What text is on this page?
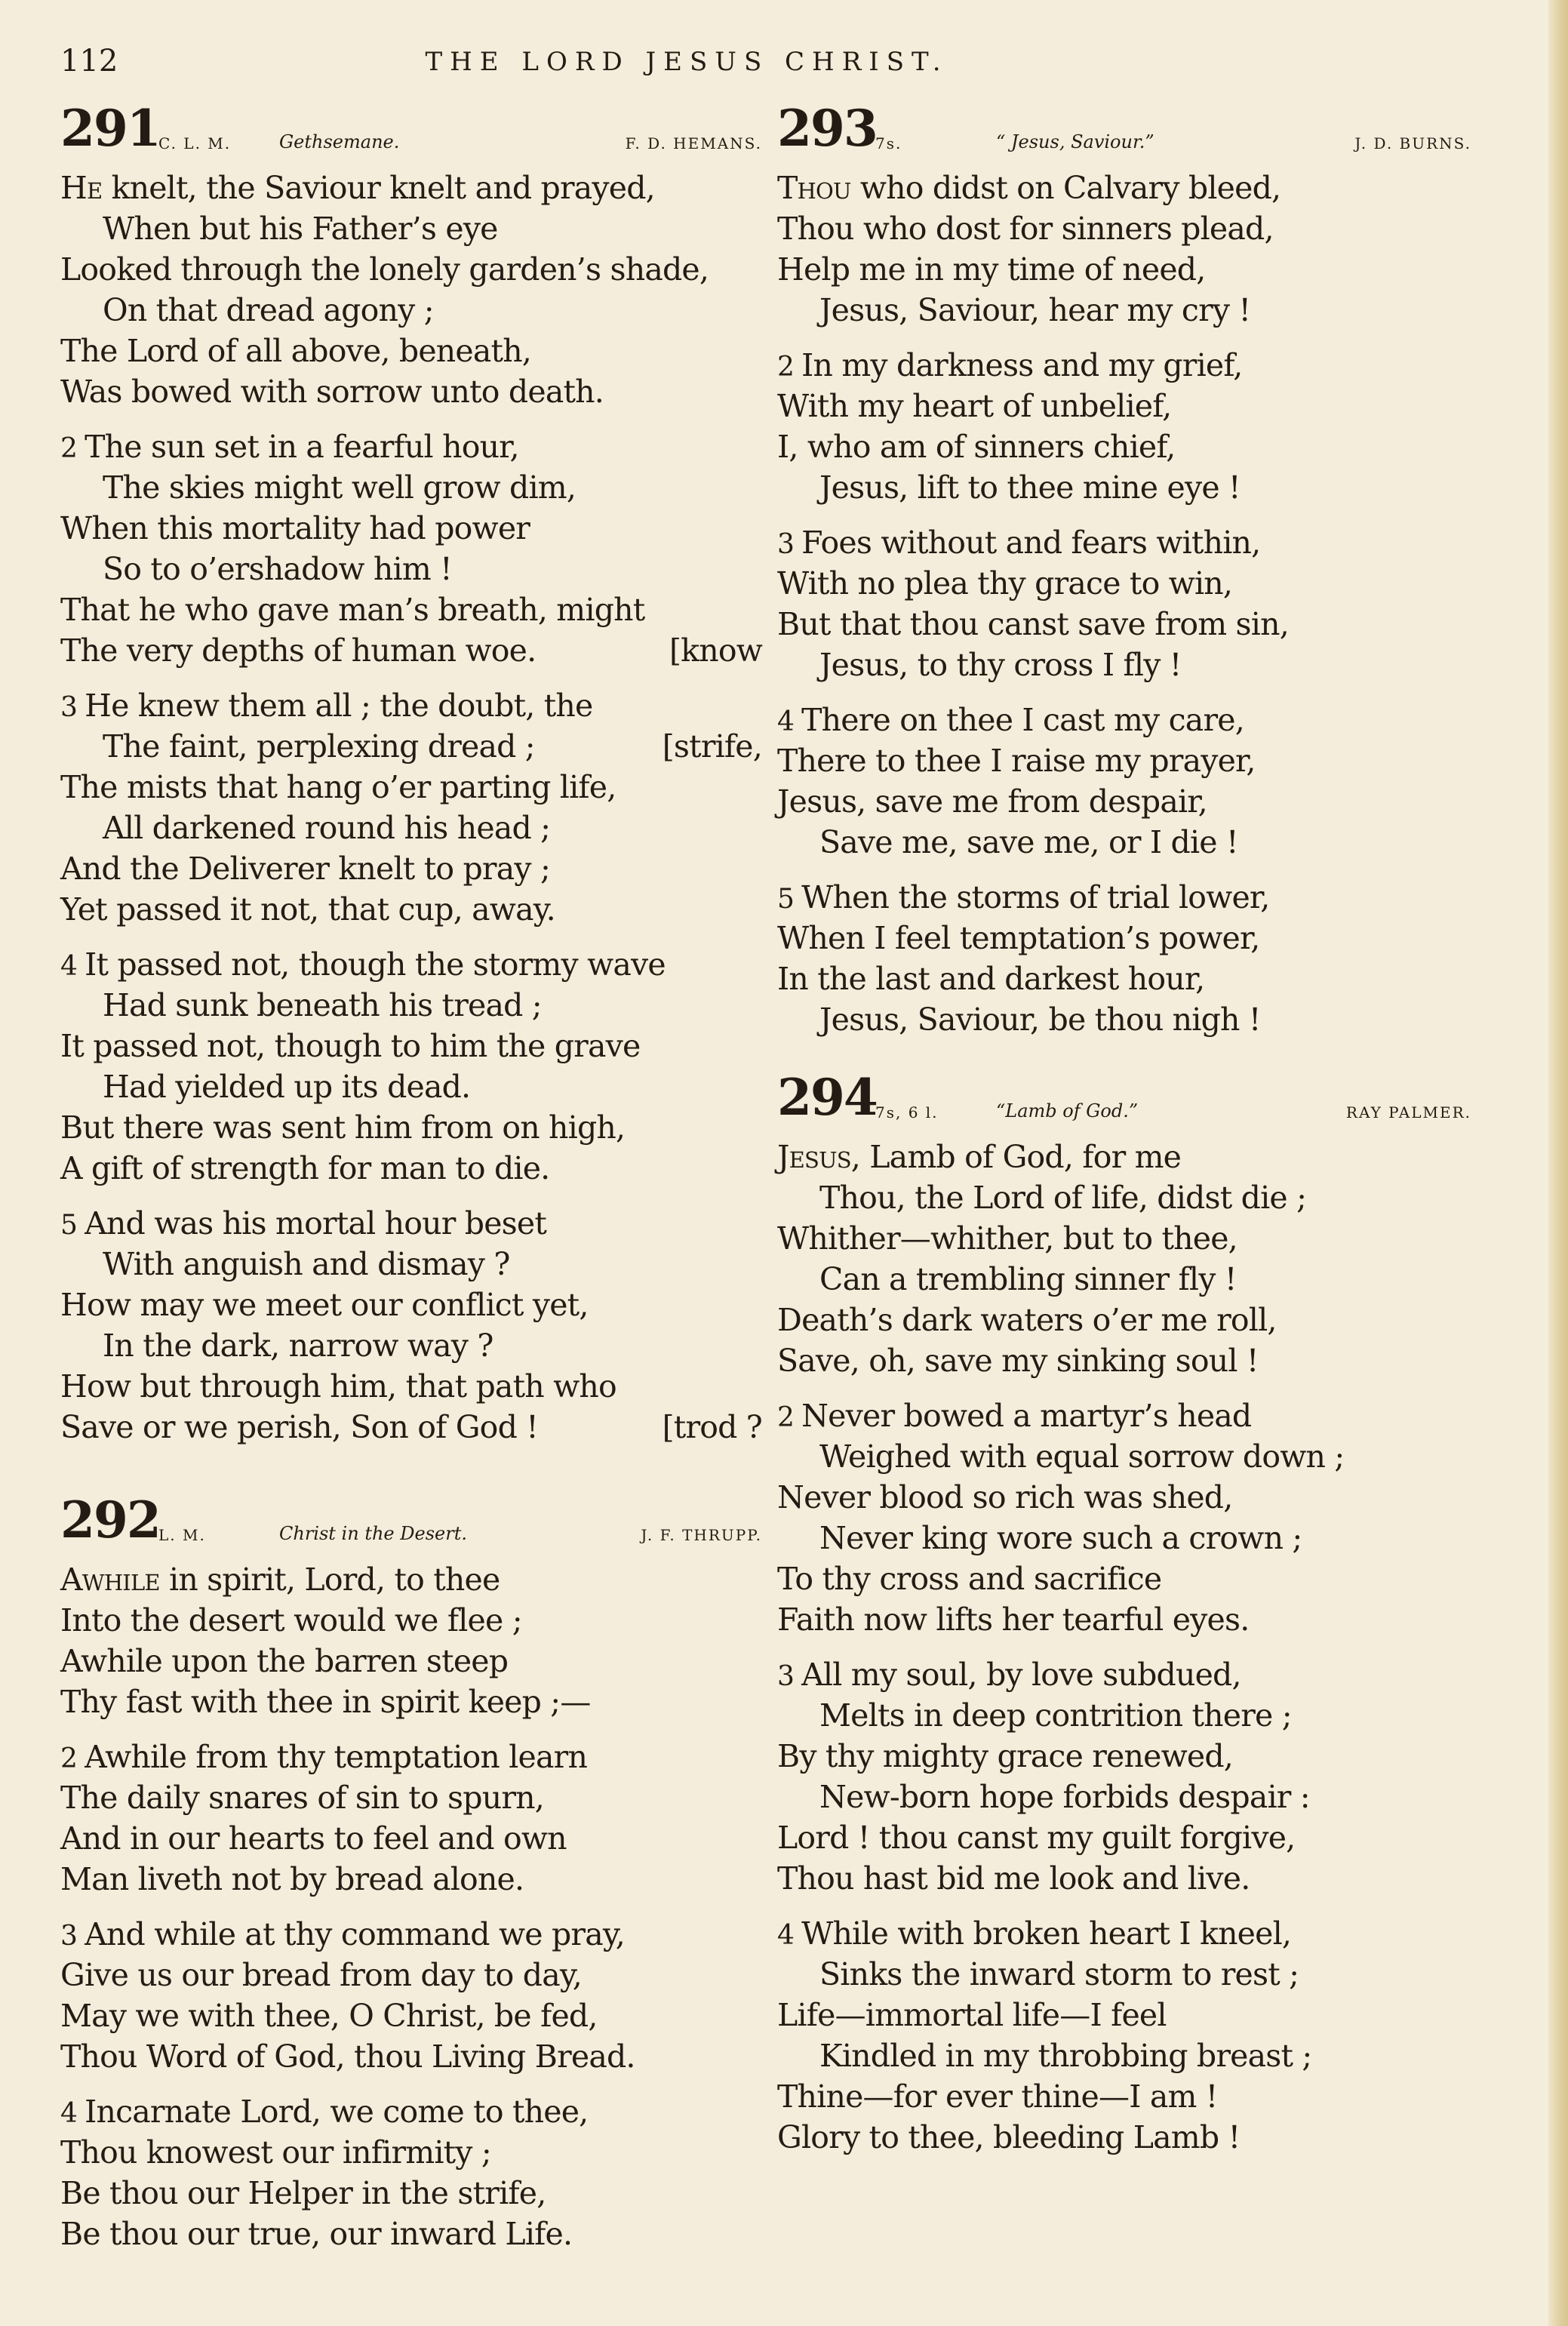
112	THE LORD JESUS CHRIST.
291
C. L. M.	Gethsemane.	F. D. HEMANS.
He knelt, the Saviour knelt and prayed,
When but his Father’s eye
Looked through the lonely garden’s shade,
On that dread agony ;
The Lord of all above, beneath,
Was bowed with sorrow unto death.
2 The sun set in a fearful hour,
The skies might well grow dim,
When this mortality had power
So to o’ershadow him !
That he who gave man’s breath, might
The very depths of human woe.	[know
3 He knew them all ; the doubt, the
The faint, perplexing dread ;	[strife,
The mists that hang o’er parting life,
All darkened round his head ;
And the Deliverer knelt to pray ;
Yet passed it not, that cup, away.
4 It passed not, though the stormy wave
Had sunk beneath his tread ;
It passed not, though to him the grave
Had yielded up its dead.
But there was sent him from on high,
A gift of strength for man to die.
5 And was his mortal hour beset
With anguish and dismay ?
How may we meet our conflict yet,
In the dark, narrow way ?
How but through him, that path who
Save or we perish, Son of God !	[trod ?
292
L. M.	Christ in the Desert.	J. F. THRUPP.
Awhile in spirit, Lord, to thee
Into the desert would we flee ;
Awhile upon the barren steep
Thy fast with thee in spirit keep ;—
2 Awhile from thy temptation learn
The daily snares of sin to spurn,
And in our hearts to feel and own
Man liveth not by bread alone.
3 And while at thy command we pray,
Give us our bread from day to day,
May we with thee, O Christ, be fed,
Thou Word of God, thou Living Bread.
4 Incarnate Lord, we come to thee,
Thou knowest our infirmity ;
Be thou our Helper in the strife,
Be thou our true, our inward Life.
293
7s.	“ Jesus, Saviour.”	J. D. BURNS.
Thou who didst on Calvary bleed,
Thou who dost for sinners plead,
Help me in my time of need,
Jesus, Saviour, hear my cry !
2 In my darkness and my grief,
With my heart of unbelief,
I, who am of sinners chief,
Jesus, lift to thee mine eye !
3 Foes without and fears within,
With no plea thy grace to win,
But that thou canst save from sin,
Jesus, to thy cross I fly !
4 There on thee I cast my care,
There to thee I raise my prayer,
Jesus, save me from despair,
Save me, save me, or I die !
5 When the storms of trial lower,
When I feel temptation’s power,
In the last and darkest hour,
Jesus, Saviour, be thou nigh !
294
7s, 6 l.	“Lamb of God.”	RAY PALMER.
Jesus, Lamb of God, for me
Thou, the Lord of life, didst die ;
Whither—whither, but to thee,
Can a trembling sinner fly !
Death’s dark waters o’er me roll,
Save, oh, save my sinking soul !
2 Never bowed a martyr’s head
Weighed with equal sorrow down ;
Never blood so rich was shed,
Never king wore such a crown ;
To thy cross and sacrifice
Faith now lifts her tearful eyes.
3 All my soul, by love subdued,
Melts in deep contrition there ;
By thy mighty grace renewed,
New-born hope forbids despair :
Lord ! thou canst my guilt forgive,
Thou hast bid me look and live.
4 While with broken heart I kneel,
Sinks the inward storm to rest ;
Life—immortal life—I feel
Kindled in my throbbing breast ;
Thine—for ever thine—I am !
Glory to thee, bleeding Lamb !
